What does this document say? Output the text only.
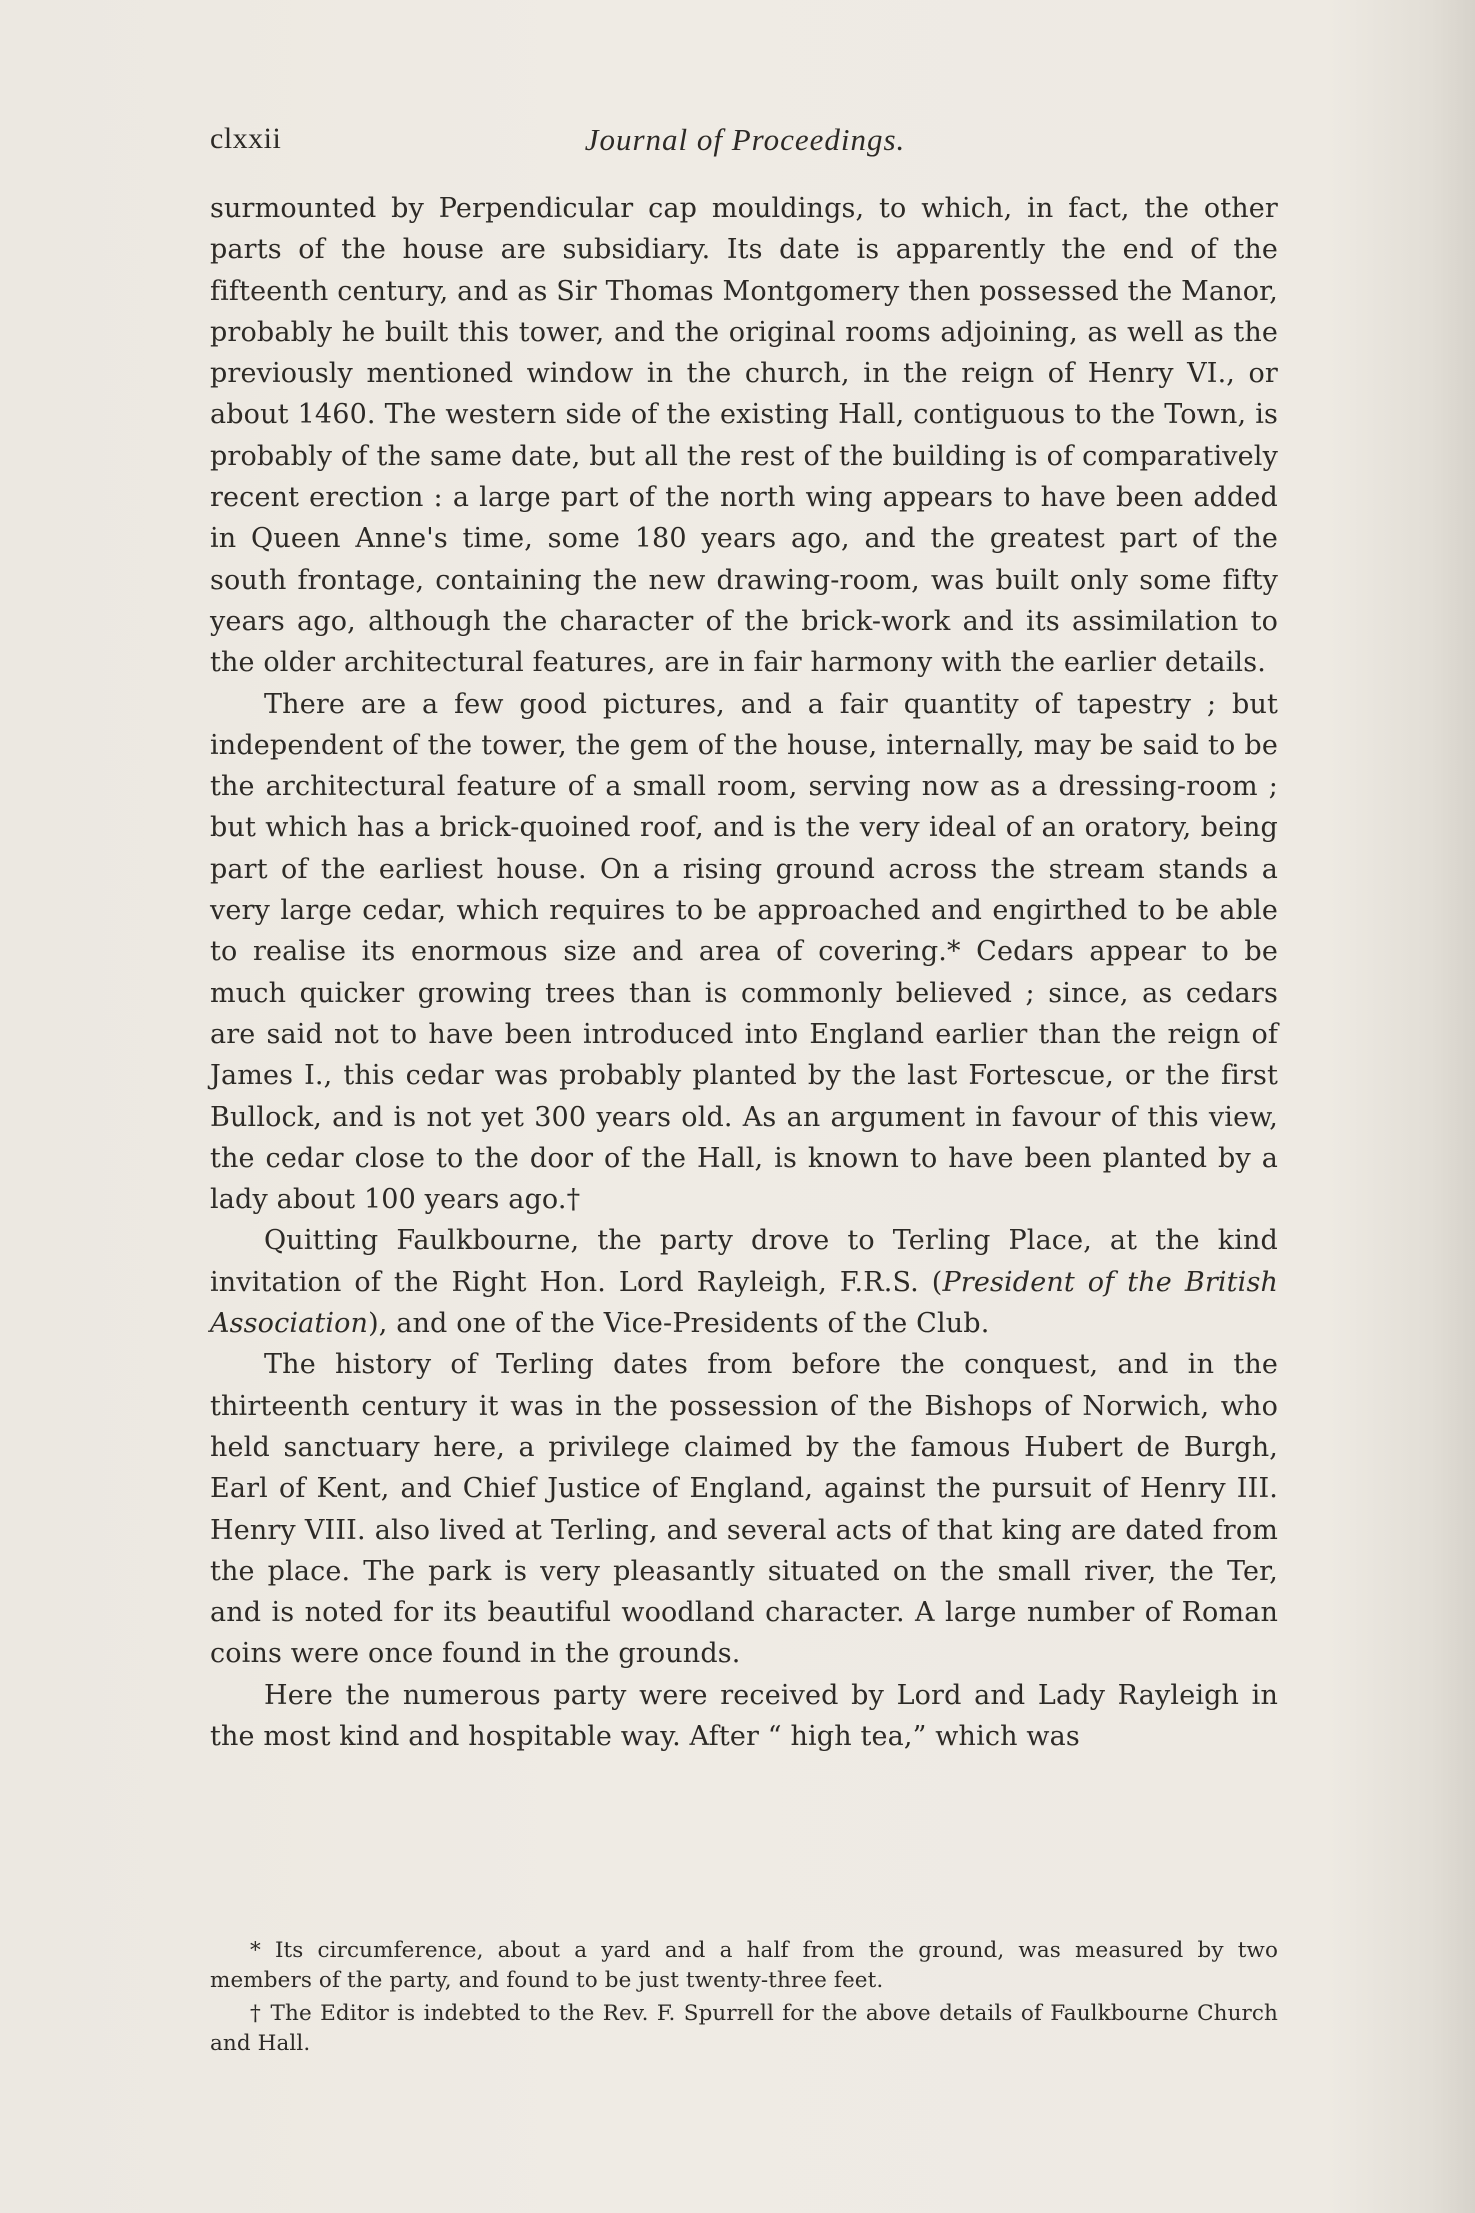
clxxii	Journal of Proceedings.

surmounted by Perpendicular cap mouldings, to which, in fact, the other parts of the house are subsidiary. Its date is apparently the end of the fifteenth century, and as Sir Thomas Montgomery then possessed the Manor, probably he built this tower, and the original rooms adjoining, as well as the previously mentioned window in the church, in the reign of Henry VI., or about 1460. The western side of the existing Hall, contiguous to the Town, is probably of the same date, but all the rest of the building is of comparatively recent erection : a large part of the north wing appears to have been added in Queen Anne's time, some 180 years ago, and the greatest part of the south frontage, containing the new drawing-room, was built only some fifty years ago, although the character of the brick-work and its assimilation to the older architectural features, are in fair harmony with the earlier details.

There are a few good pictures, and a fair quantity of tapestry ; but independent of the tower, the gem of the house, internally, may be said to be the architectural feature of a small room, serving now as a dressing-room ; but which has a brick-quoined roof, and is the very ideal of an oratory, being part of the earliest house. On a rising ground across the stream stands a very large cedar, which requires to be approached and engirthed to be able to realise its enormous size and area of covering.* Cedars appear to be much quicker growing trees than is commonly believed ; since, as cedars are said not to have been introduced into England earlier than the reign of James I., this cedar was probably planted by the last Fortescue, or the first Bullock, and is not yet 300 years old. As an argument in favour of this view, the cedar close to the door of the Hall, is known to have been planted by a lady about 100 years ago.†

Quitting Faulkbourne, the party drove to Terling Place, at the kind invitation of the Right Hon. Lord Rayleigh, F.R.S. (President of the British Association), and one of the Vice-Presidents of the Club.

The history of Terling dates from before the conquest, and in the thirteenth century it was in the possession of the Bishops of Norwich, who held sanctuary here, a privilege claimed by the famous Hubert de Burgh, Earl of Kent, and Chief Justice of England, against the pursuit of Henry III. Henry VIII. also lived at Terling, and several acts of that king are dated from the place. The park is very pleasantly situated on the small river, the Ter, and is noted for its beautiful woodland character. A large number of Roman coins were once found in the grounds.

Here the numerous party were received by Lord and Lady Rayleigh in the most kind and hospitable way. After “ high tea,” which was

* Its circumference, about a yard and a half from the ground, was measured by two members of the party, and found to be just twenty-three feet.

† The Editor is indebted to the Rev. F. Spurrell for the above details of Faulkbourne Church and Hall.
